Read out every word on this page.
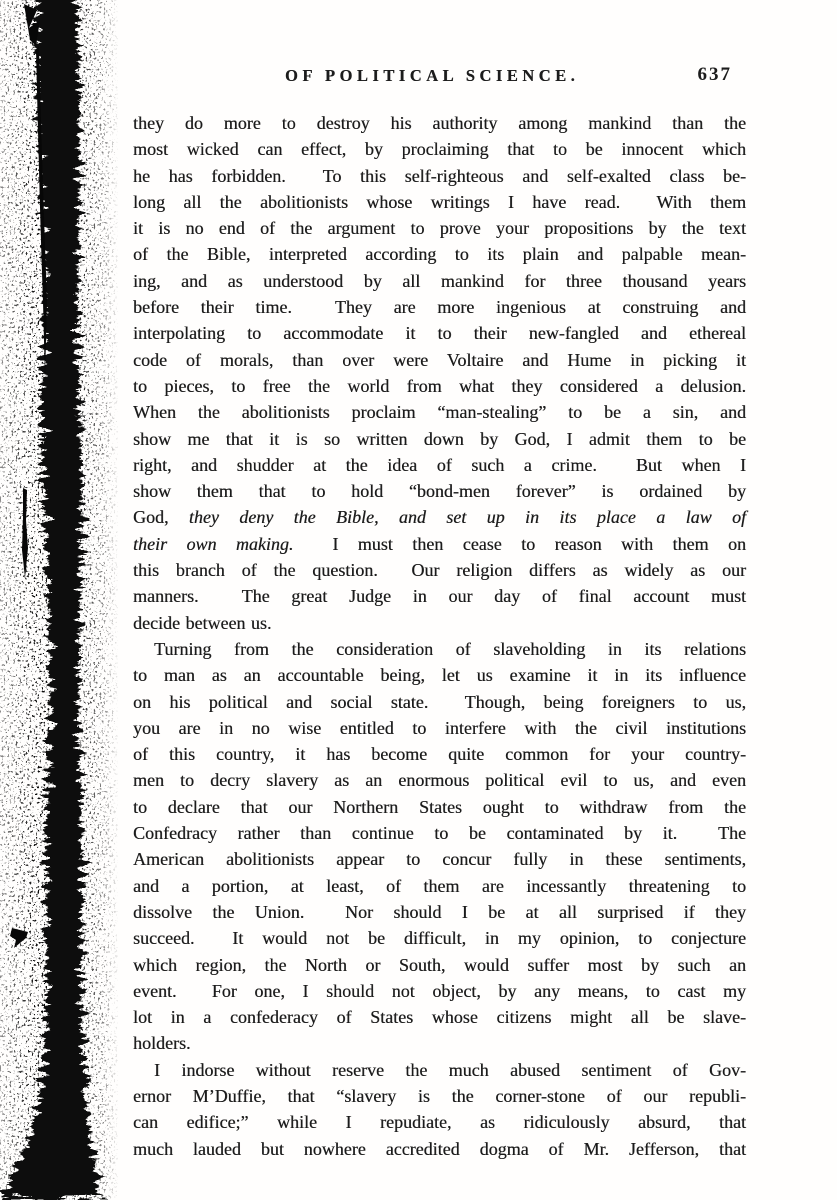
OF POLITICAL SCIENCE.	637
they do more to destroy his authority among mankind than the
most wicked can effect, by proclaiming that to be innocent which
he has forbidden.  To this self-righteous and self-exalted class be-
long all the abolitionists whose writings I have read.  With them
it is no end of the argument to prove your propositions by the text
of the Bible, interpreted according to its plain and palpable mean-
ing, and as understood by all mankind for three thousand years
before their time.  They are more ingenious at construing and
interpolating to accommodate it to their new-fangled and ethereal
code of morals, than over were Voltaire and Hume in picking it
to pieces, to free the world from what they considered a delusion.
When the abolitionists proclaim “man-stealing” to be a sin, and
show me that it is so written down by God, I admit them to be
right, and shudder at the idea of such a crime.  But when I
show them that to hold “bond-men forever” is ordained by
God, they deny the Bible, and set up in its place a law of
their own making.  I must then cease to reason with them on
this branch of the question.  Our religion differs as widely as our
manners.  The great Judge in our day of final account must
decide between us.
Turning from the consideration of slaveholding in its relations
to man as an accountable being, let us examine it in its influence
on his political and social state.  Though, being foreigners to us,
you are in no wise entitled to interfere with the civil institutions
of this country, it has become quite common for your country-
men to decry slavery as an enormous political evil to us, and even
to declare that our Northern States ought to withdraw from the
Confedracy rather than continue to be contaminated by it.  The
American abolitionists appear to concur fully in these sentiments,
and a portion, at least, of them are incessantly threatening to
dissolve the Union.  Nor should I be at all surprised if they
succeed.  It would not be difficult, in my opinion, to conjecture
which region, the North or South, would suffer most by such an
event.  For one, I should not object, by any means, to cast my
lot in a confederacy of States whose citizens might all be slave-
holders.
I indorse without reserve the much abused sentiment of Gov-
ernor M’Duffie, that “slavery is the corner-stone of our republi-
can edifice;” while I repudiate, as ridiculously absurd, that
much lauded but nowhere accredited dogma of Mr. Jefferson, that
